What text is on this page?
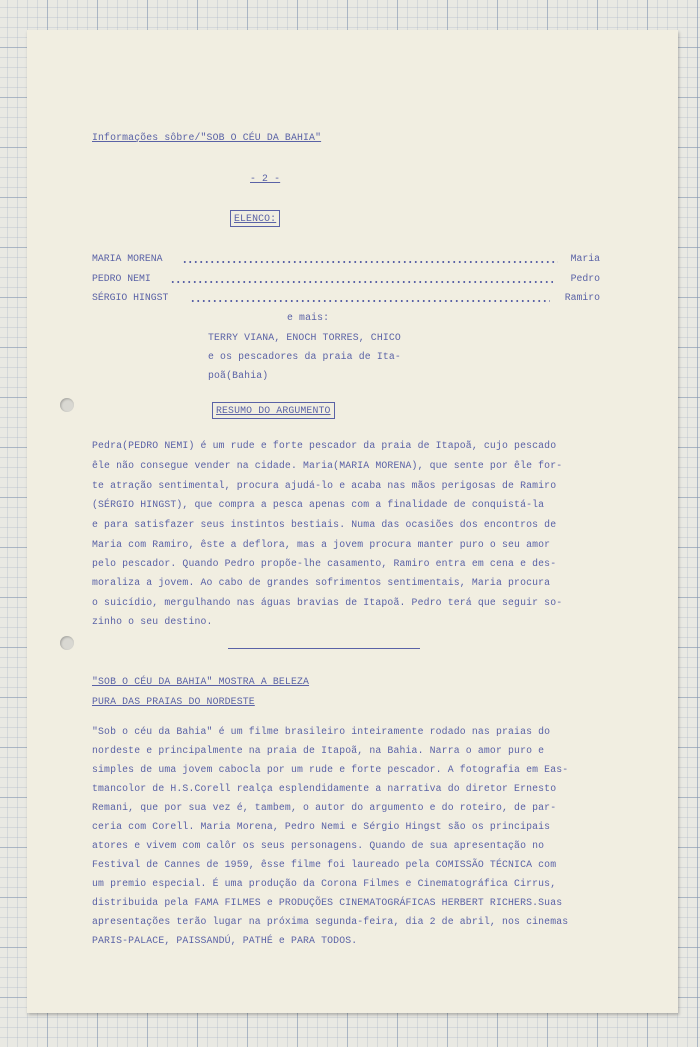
Informações sôbre/"SOB O CÉU DA BAHIA"
- 2 -
ELENCO:
MARIA MORENA	Maria
PEDRO NEMI	Pedro
SÉRGIO HINGST	Ramiro
e mais:
TERRY VIANA, ENOCH TORRES, CHICO
e os pescadores da praia de Ita-
poã(Bahia)
RESUMO DO ARGUMENTO
Pedra(PEDRO NEMI) é um rude e forte pescador da praia de Itapoã, cujo pescado
êle não consegue vender na cidade. Maria(MARIA MORENA), que sente por êle for-
te atração sentimental, procura ajudá-lo e acaba nas mãos perigosas de Ramiro
(SÉRGIO HINGST), que compra a pesca apenas com a finalidade de conquistá-la
e para satisfazer seus instintos bestiais. Numa das ocasiões dos encontros de
Maria com Ramiro, êste a deflora, mas a jovem procura manter puro o seu amor
pelo pescador. Quando Pedro propõe-lhe casamento, Ramiro entra em cena e des-
moraliza a jovem. Ao cabo de grandes sofrimentos sentimentais, Maria procura
o suicídio, mergulhando nas águas bravias de Itapoã. Pedro terá que seguir so-
zinho o seu destino.
"SOB O CÉU DA BAHIA" MOSTRA A BELEZA
PURA DAS PRAIAS DO NORDESTE
"Sob o céu da Bahia" é um filme brasileiro inteiramente rodado nas praias do
nordeste e principalmente na praia de Itapoã, na Bahia. Narra o amor puro e
simples de uma jovem cabocla por um rude e forte pescador. A fotografia em Eas-
tmancolor de H.S.Corell realça esplendidamente a narrativa do diretor Ernesto
Remani, que por sua vez é, tambem, o autor do argumento e do roteiro, de par-
ceria com Corell. Maria Morena, Pedro Nemi e Sérgio Hingst são os principais
atores e vivem com calôr os seus personagens. Quando de sua apresentação no
Festival de Cannes de 1959, êsse filme foi laureado pela COMISSÃO TÉCNICA com
um premio especial. É uma produção da Corona Filmes e Cinematográfica Cirrus,
distribuida pela FAMA FILMES e PRODUÇÕES CINEMATOGRÁFICAS HERBERT RICHERS.Suas
apresentações terão lugar na próxima segunda-feira, dia 2 de abril, nos cinemas
PARIS-PALACE, PAISSANDÚ, PATHÉ e PARA TODOS.
